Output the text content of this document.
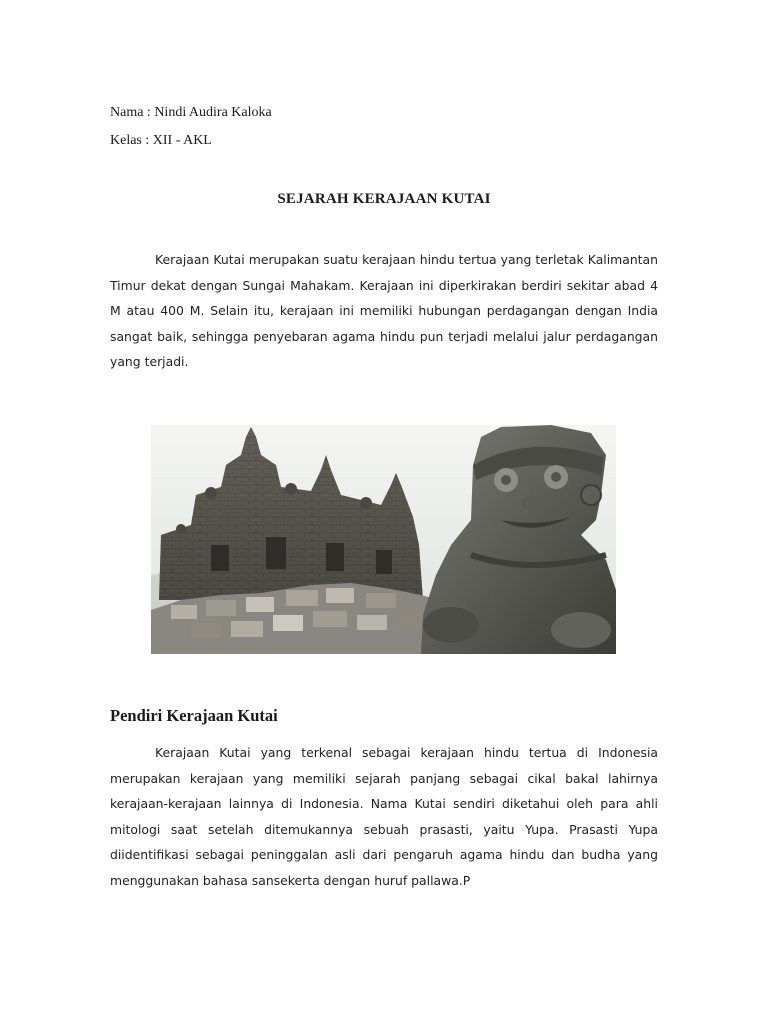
Nama : Nindi Audira Kaloka
Kelas : XII - AKL
SEJARAH KERAJAAN KUTAI
Kerajaan Kutai merupakan suatu kerajaan hindu tertua yang terletak Kalimantan Timur dekat dengan Sungai Mahakam. Kerajaan ini diperkirakan berdiri sekitar abad 4 M atau 400 M. Selain itu, kerajaan ini memiliki hubungan perdagangan dengan India sangat baik, sehingga penyebaran agama hindu pun terjadi melalui jalur perdagangan yang terjadi.
Pendiri Kerajaan Kutai
Kerajaan Kutai yang terkenal sebagai kerajaan hindu tertua di Indonesia merupakan kerajaan yang memiliki sejarah panjang sebagai cikal bakal lahirnya kerajaan-kerajaan lainnya di Indonesia. Nama Kutai sendiri diketahui oleh para ahli mitologi saat setelah ditemukannya sebuah prasasti, yaitu Yupa. Prasasti Yupa diidentifikasi sebagai peninggalan asli dari pengaruh agama hindu dan budha yang menggunakan bahasa sansekerta dengan huruf pallawa.P
